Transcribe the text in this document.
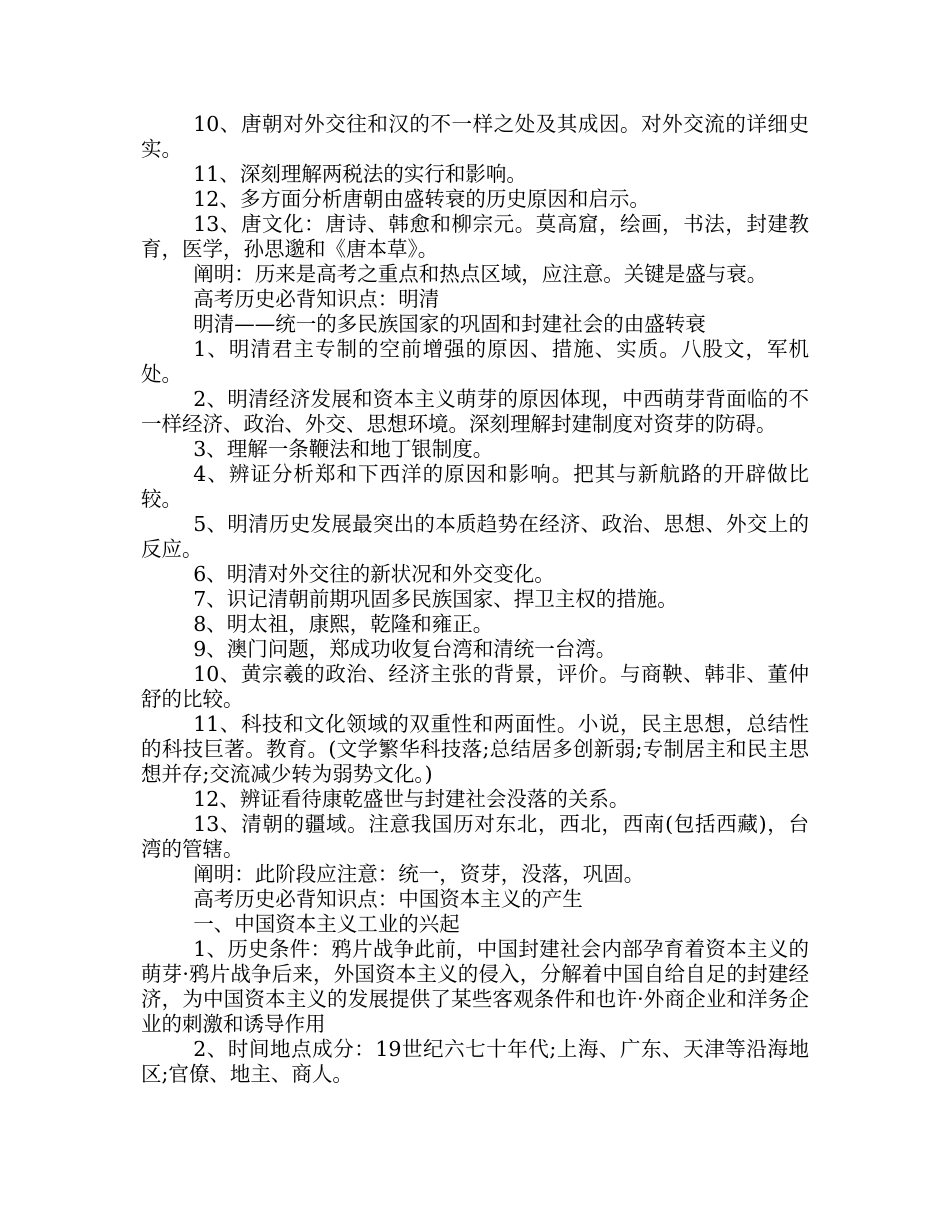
10、唐朝对外交往和汉的不一样之处及其成因。对外交流的详细史实。

11、深刻理解两税法的实行和影响。

12、多方面分析唐朝由盛转衰的历史原因和启示。

13、唐文化：唐诗、韩愈和柳宗元。莫高窟，绘画，书法，封建教育，医学，孙思邈和《唐本草》。

阐明：历来是高考之重点和热点区域，应注意。关键是盛与衰。

高考历史必背知识点：明清

明清——统一的多民族国家的巩固和封建社会的由盛转衰

1、明清君主专制的空前增强的原因、措施、实质。八股文，军机处。

2、明清经济发展和资本主义萌芽的原因体现，中西萌芽背面临的不一样经济、政治、外交、思想环境。深刻理解封建制度对资芽的防碍。

3、理解一条鞭法和地丁银制度。

4、辨证分析郑和下西洋的原因和影响。把其与新航路的开辟做比较。

5、明清历史发展最突出的本质趋势在经济、政治、思想、外交上的反应。

6、明清对外交往的新状况和外交变化。

7、识记清朝前期巩固多民族国家、捍卫主权的措施。

8、明太祖，康熙，乾隆和雍正。

9、澳门问题，郑成功收复台湾和清统一台湾。

10、黄宗羲的政治、经济主张的背景，评价。与商鞅、韩非、董仲舒的比较。

11、科技和文化领域的双重性和两面性。小说，民主思想，总结性的科技巨著。教育。(文学繁华科技落;总结居多创新弱;专制居主和民主思想并存;交流减少转为弱势文化。)

12、辨证看待康乾盛世与封建社会没落的关系。

13、清朝的疆域。注意我国历对东北，西北，西南(包括西藏)，台湾的管辖。

阐明：此阶段应注意：统一，资芽，没落，巩固。

高考历史必背知识点：中国资本主义的产生

一、中国资本主义工业的兴起

1、历史条件：鸦片战争此前，中国封建社会内部孕育着资本主义的萌芽·鸦片战争后来，外国资本主义的侵入，分解着中国自给自足的封建经济，为中国资本主义的发展提供了某些客观条件和也许·外商企业和洋务企业的刺激和诱导作用

2、时间地点成分：19世纪六七十年代;上海、广东、天津等沿海地区;官僚、地主、商人。
